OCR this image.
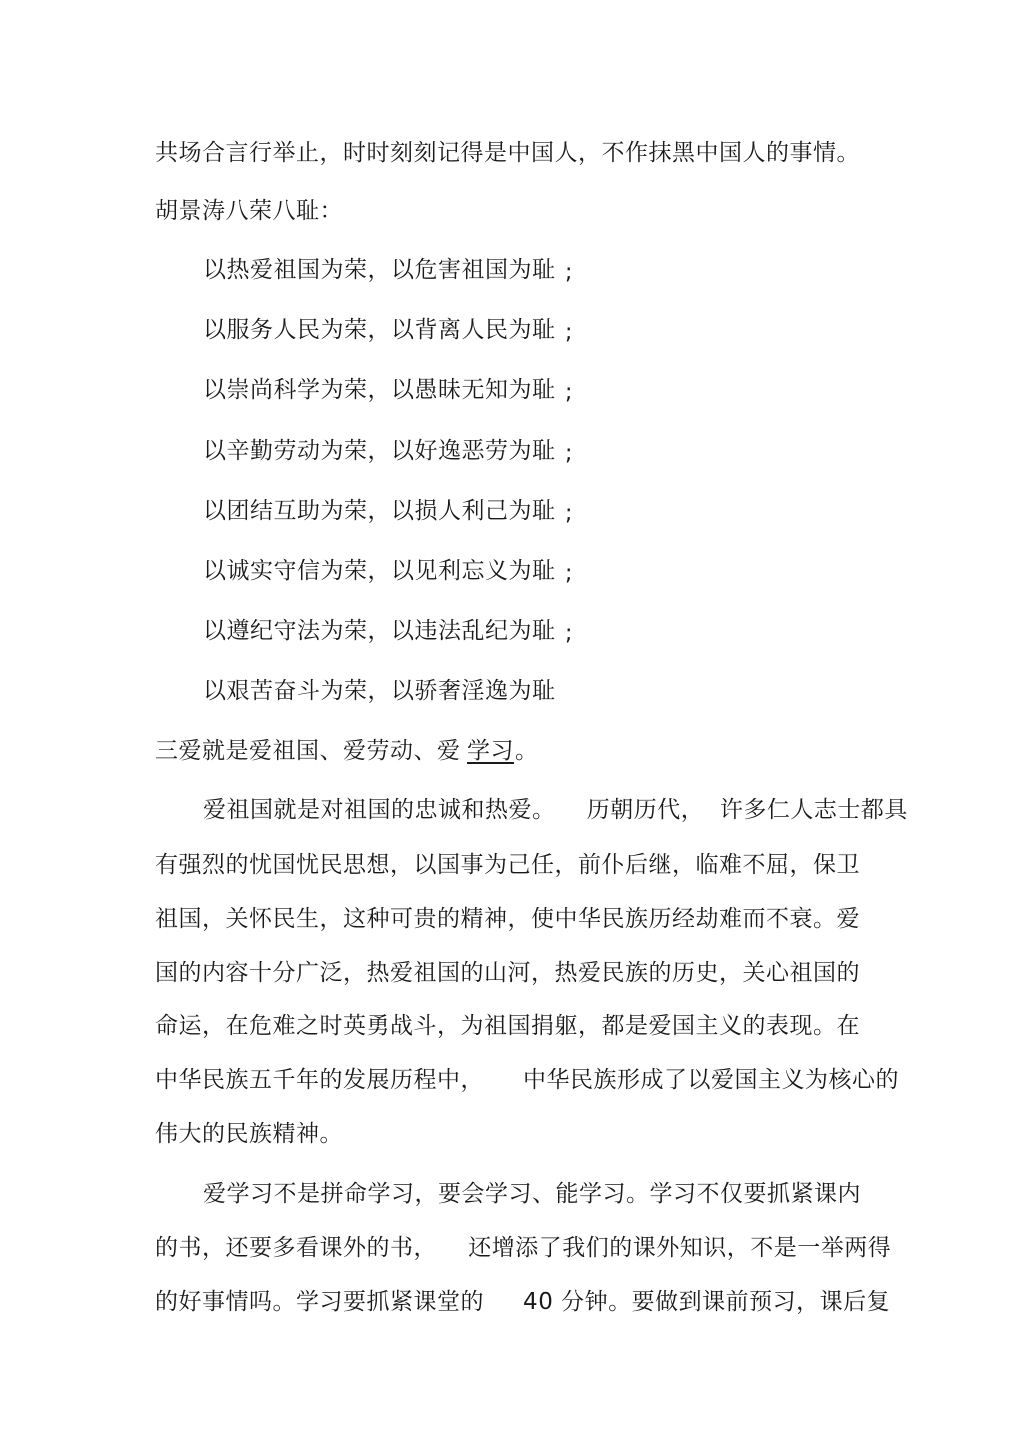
共场合言行举止，时时刻刻记得是中国人，不作抹黑中国人的事情。
胡景涛八荣八耻：
以热爱祖国为荣，以危害祖国为耻 ;
以服务人民为荣，以背离人民为耻 ;
以崇尚科学为荣，以愚昧无知为耻 ;
以辛勤劳动为荣，以好逸恶劳为耻 ;
以团结互助为荣，以损人利己为耻 ;
以诚实守信为荣，以见利忘义为耻 ;
以遵纪守法为荣，以违法乱纪为耻 ;
以艰苦奋斗为荣，以骄奢淫逸为耻
三爱就是爱祖国、爱劳动、爱 学习 。
爱祖国就是对祖国的忠诚和热爱。    历朝历代，  许多仁人志士都具
有强烈的忧国忧民思想，以国事为己任，前仆后继，临难不屈，保卫
祖国，关怀民生，这种可贵的精神，使中华民族历经劫难而不衰。爱
国的内容十分广泛，热爱祖国的山河，热爱民族的历史，关心祖国的
命运，在危难之时英勇战斗，为祖国捐躯，都是爱国主义的表现。在
中华民族五千年的发展历程中，     中华民族形成了以爱国主义为核心的
伟大的民族精神。
爱学习不是拼命学习，要会学习、能学习。学习不仅要抓紧课内
的书，还要多看课外的书，    还增添了我们的课外知识，不是一举两得
的好事情吗。学习要抓紧课堂的     40 分钟。要做到课前预习，课后复
